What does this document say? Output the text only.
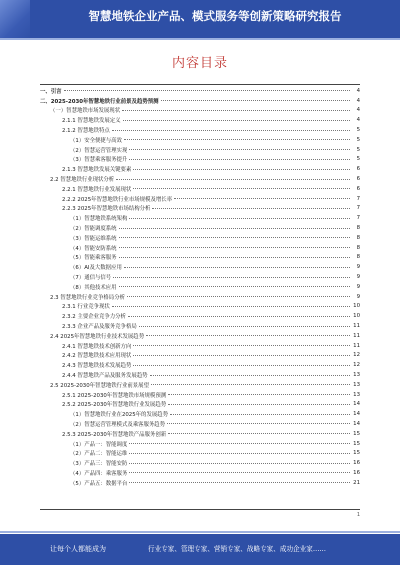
智慧地铁企业产品、模式服务等创新策略研究报告
内容目录
一、引言	4
二、2025-2030年智慧地铁行业前景及趋势预测	4
（一）智慧地铁市场发展现状	4
2.1.1 智慧地铁发展定义	4
2.1.2 智慧地铁特点	5
（1）安全便捷与高效	5
（2）智慧运营管理实现	5
（3）智慧乘客服务提升	5
2.1.3 智慧地铁发展关键要素	6
2.2 智慧地铁行业现状分析	6
2.2.1 智慧地铁行业发展现状	6
2.2.2 2025年智慧地铁行业市场规模及增长率	7
2.2.3 2025年智慧地铁市场结构分析	7
（1）智慧地铁系统架构	7
（2）智能调度系统	8
（3）智能运维系统	8
（4）智能安防系统	8
（5）智能乘客服务	8
（6）AI及大数据应用	9
（7）通信与信号	9
（8）其他技术应用	9
2.3 智慧地铁行业竞争格局分析	9
2.3.1 行业竞争现状	10
2.3.2 主要企业竞争力分析	10
2.3.3 企业产品及服务竞争格局	11
2.4 2025年智慧地铁行业技术发展趋势	11
2.4.1 智慧地铁技术创新方向	11
2.4.2 智慧地铁技术应用现状	12
2.4.3 智慧地铁技术发展趋势	12
2.4.4 智慧地铁产品及服务发展趋势	13
2.5 2025-2030年智慧地铁行业前景展望	13
2.5.1 2025-2030年智慧地铁市场规模预测	13
2.5.2 2025-2030年智慧地铁行业发展趋势	14
（1）智慧地铁行业在2025年的发展趋势	14
（2）智慧运营管理模式及乘客服务趋势	14
2.5.3 2025-2030年智慧地铁产品服务创新	15
（1）产品一：智能调度	15
（2）产品二：智能运维	15
（3）产品三：智能安防	16
（4）产品四：乘客服务	16
（5）产品五：数据平台	21
1
让每个人都能成为	行业专家、管理专家、营销专家、战略专家、成功企业家……
